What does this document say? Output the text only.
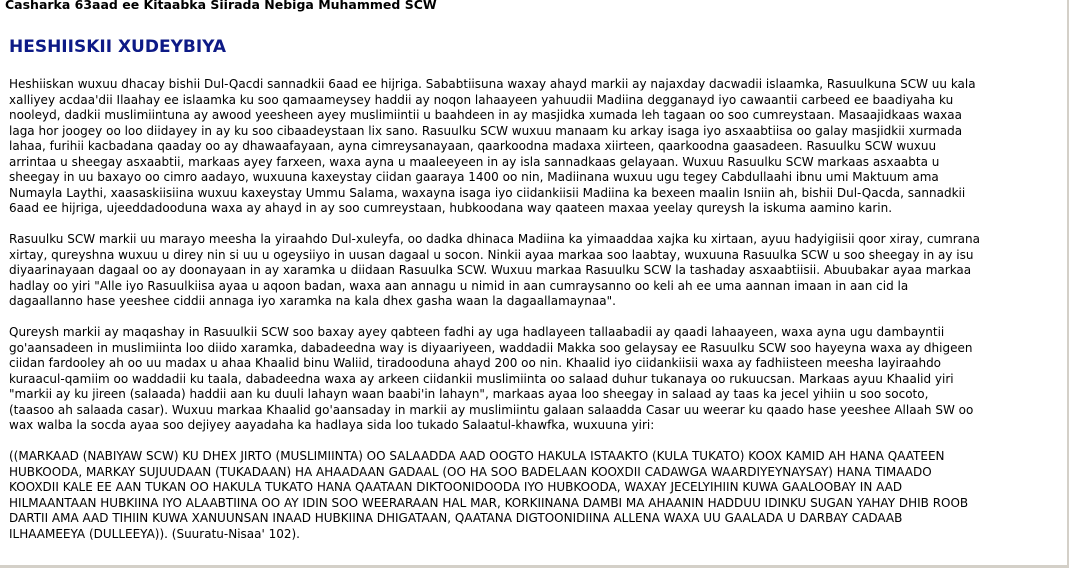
Casharka 63aad ee Kitaabka Siirada Nebiga Muhammed SCW
HESHIISKII XUDEYBIYA

Heshiiskan wuxuu dhacay bishii Dul-Qacdi sannadkii 6aad ee hijriga. Sababtiisuna waxay ahayd markii ay najaxday dacwadii islaamka, Rasuulkuna SCW uu kala
xalliyey acdaa'dii Ilaahay ee islaamka ku soo qamaameysey haddii ay noqon lahaayeen yahuudii Madiina degganayd iyo cawaantii carbeed ee baadiyaha ku
nooleyd, dadkii muslimiintuna ay awood yeesheen ayey muslimiintii u baahdeen in ay masjidka xumada leh tagaan oo soo cumreystaan. Masaajidkaas waxaa
laga hor joogey oo loo diidayey in ay ku soo cibaadeystaan lix sano. Rasuulku SCW wuxuu manaam ku arkay isaga iyo asxaabtiisa oo galay masjidkii xurmada
lahaa, furihii kacbadana qaaday oo ay dhawaafayaan, ayna cimreysanayaan, qaarkoodna madaxa xiirteen, qaarkoodna gaasadeen. Rasuulku SCW wuxuu
arrintaa u sheegay asxaabtii, markaas ayey farxeen, waxa ayna u maaleeyeen in ay isla sannadkaas gelayaan. Wuxuu Rasuulku SCW markaas asxaabta u
sheegay in uu baxayo oo cimro aadayo, wuxuuna kaxeystay ciidan gaaraya 1400 oo nin, Madiinana wuxuu ugu tegey Cabdullaahi ibnu umi Maktuum ama
Numayla Laythi, xaasaskiisiina wuxuu kaxeystay Ummu Salama, waxayna isaga iyo ciidankiisii Madiina ka bexeen maalin Isniin ah, bishii Dul-Qacda, sannadkii
6aad ee hijriga, ujeeddadooduna waxa ay ahayd in ay soo cumreystaan, hubkoodana way qaateen maxaa yeelay qureysh la iskuma aamino karin.

Rasuulku SCW markii uu marayo meesha la yiraahdo Dul-xuleyfa, oo dadka dhinaca Madiina ka yimaaddaa xajka ku xirtaan, ayuu hadyigiisii qoor xiray, cumrana
xirtay, qureyshna wuxuu u direy nin si uu u ogeysiiyo in uusan dagaal u socon. Ninkii ayaa markaa soo laabtay, wuxuuna Rasuulka SCW u soo sheegay in ay isu
diyaarinayaan dagaal oo ay doonayaan in ay xaramka u diidaan Rasuulka SCW. Wuxuu markaa Rasuulku SCW la tashaday asxaabtiisii. Abuubakar ayaa markaa
hadlay oo yiri "Alle iyo Rasuulkiisa ayaa u aqoon badan, waxa aan annagu u nimid in aan cumraysanno oo keli ah ee uma aannan imaan in aan cid la
dagaallanno hase yeeshee ciddii annaga iyo xaramka na kala dhex gasha waan la dagaallamaynaa".

Qureysh markii ay maqashay in Rasuulkii SCW soo baxay ayey qabteen fadhi ay uga hadlayeen tallaabadii ay qaadi lahaayeen, waxa ayna ugu dambayntii
go'aansadeen in muslimiinta loo diido xaramka, dabadeedna way is diyaariyeen, waddadii Makka soo gelaysay ee Rasuulku SCW soo hayeyna waxa ay dhigeen
ciidan fardooley ah oo uu madax u ahaa Khaalid binu Waliid, tiradooduna ahayd 200 oo nin. Khaalid iyo ciidankiisii waxa ay fadhiisteen meesha layiraahdo
kuraacul-qamiim oo waddadii ku taala, dabadeedna waxa ay arkeen ciidankii muslimiinta oo salaad duhur tukanaya oo rukuucsan. Markaas ayuu Khaalid yiri
"markii ay ku jireen (salaada) haddii aan ku duuli lahayn waan baabi'in lahayn", markaas ayaa loo sheegay in salaad ay taas ka jecel yihiin u soo socoto,
(taasoo ah salaada casar). Wuxuu markaa Khaalid go'aansaday in markii ay muslimiintu galaan salaadda Casar uu weerar ku qaado hase yeeshee Allaah SW oo
wax walba la socda ayaa soo dejiyey aayadaha ka hadlaya sida loo tukado Salaatul-khawfka, wuxuuna yiri:

((MARKAAD (NABIYAW SCW) KU DHEX JIRTO (MUSLIMIINTA) OO SALAADDA AAD OOGTO HAKULA ISTAAKTO (KULA TUKATO) KOOX KAMID AH HANA QAATEEN
HUBKOODA, MARKAY SUJUUDAAN (TUKADAAN) HA AHAADAAN GADAAL (OO HA SOO BADELAAN KOOXDII CADAWGA WAARDIYEYNAYSAY) HANA TIMAADO
KOOXDII KALE EE AAN TUKAN OO HAKULA TUKATO HANA QAATAAN DIKTOONIDOODA IYO HUBKOODA, WAXAY JECELYIHIIN KUWA GAALOOBAY IN AAD
HILMAANTAAN HUBKIINA IYO ALAABTIINA OO AY IDIN SOO WEERARAAN HAL MAR, KORKIINANA DAMBI MA AHAANIN HADDUU IDINKU SUGAN YAHAY DHIB ROOB
DARTII AMA AAD TIHIIN KUWA XANUUNSAN INAAD HUBKIINA DHIGATAAN, QAATANA DIGTOONIDIINA ALLENA WAXA UU GAALADA U DARBAY CADAAB
ILHAAMEEYA (DULLEEYA)). (Suuratu-Nisaa' 102).
